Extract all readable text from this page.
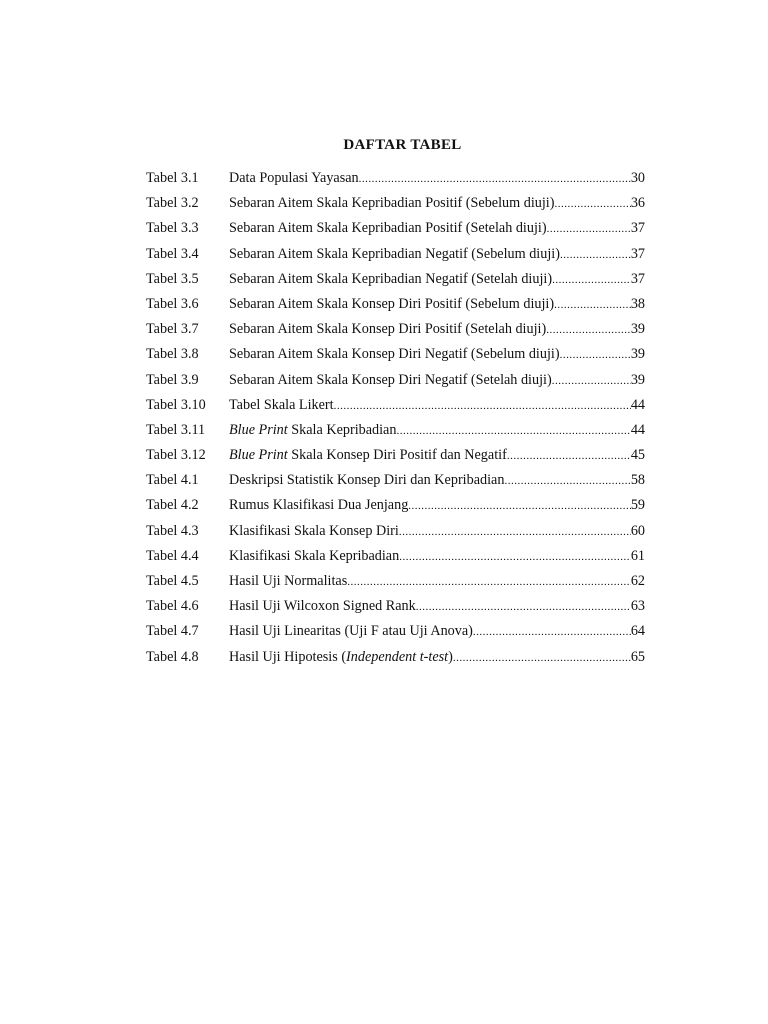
DAFTAR TABEL
Tabel 3.1	Data Populasi Yayasan .....	30
Tabel 3.2	Sebaran Aitem Skala Kepribadian Positif (Sebelum diuji) .....	36
Tabel 3.3	Sebaran Aitem Skala Kepribadian Positif (Setelah diuji) .....	37
Tabel 3.4	Sebaran Aitem Skala Kepribadian Negatif (Sebelum diuji) .....	37
Tabel 3.5	Sebaran Aitem Skala Kepribadian Negatif (Setelah diuji) .....	37
Tabel 3.6	Sebaran Aitem Skala Konsep Diri Positif (Sebelum diuji) .....	38
Tabel 3.7	Sebaran Aitem Skala Konsep Diri Positif (Setelah diuji) .....	39
Tabel 3.8	Sebaran Aitem Skala Konsep Diri Negatif (Sebelum diuji) .....	39
Tabel 3.9	Sebaran Aitem Skala Konsep Diri Negatif (Setelah diuji) .....	39
Tabel 3.10	Tabel Skala Likert .....	44
Tabel 3.11	Blue Print Skala Kepribadian .....	44
Tabel 3.12	Blue Print Skala Konsep Diri Positif dan Negatif .....	45
Tabel 4.1	Deskripsi Statistik Konsep Diri dan Kepribadian .....	58
Tabel 4.2	Rumus Klasifikasi Dua Jenjang .....	59
Tabel 4.3	Klasifikasi Skala Konsep Diri .....	60
Tabel 4.4	Klasifikasi Skala Kepribadian .....	61
Tabel 4.5	Hasil Uji Normalitas .....	62
Tabel 4.6	Hasil Uji Wilcoxon Signed Rank .....	63
Tabel 4.7	Hasil Uji Linearitas (Uji F atau Uji Anova) .....	64
Tabel 4.8	Hasil Uji Hipotesis (Independent t-test) .....	65
